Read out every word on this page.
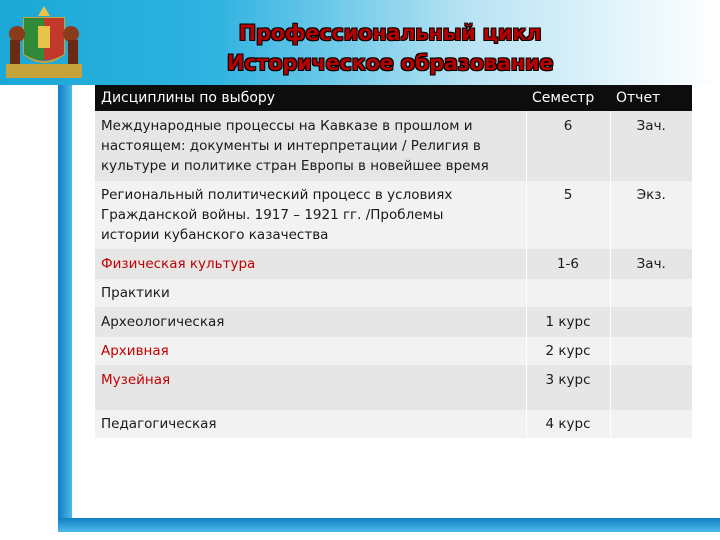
Профессиональный цикл
Историческое образование
Дисциплины по выбору	Семестр	Отчет

Международные процессы на Кавказе в прошлом и
настоящем: документы и интерпретации / Религия в
культуре и политике стран Европы в новейшее время	6	Зач.

Региональный политический процесс в условиях
Гражданской войны. 1917 – 1921 гг. /Проблемы
истории кубанского казачества	5	Экз.
Физическая культура	1-6	Зач.
Практики		
Археологическая	1 курс	
Архивная	2 курс	
Музейная	3 курс	
Педагогическая	4 курс	
